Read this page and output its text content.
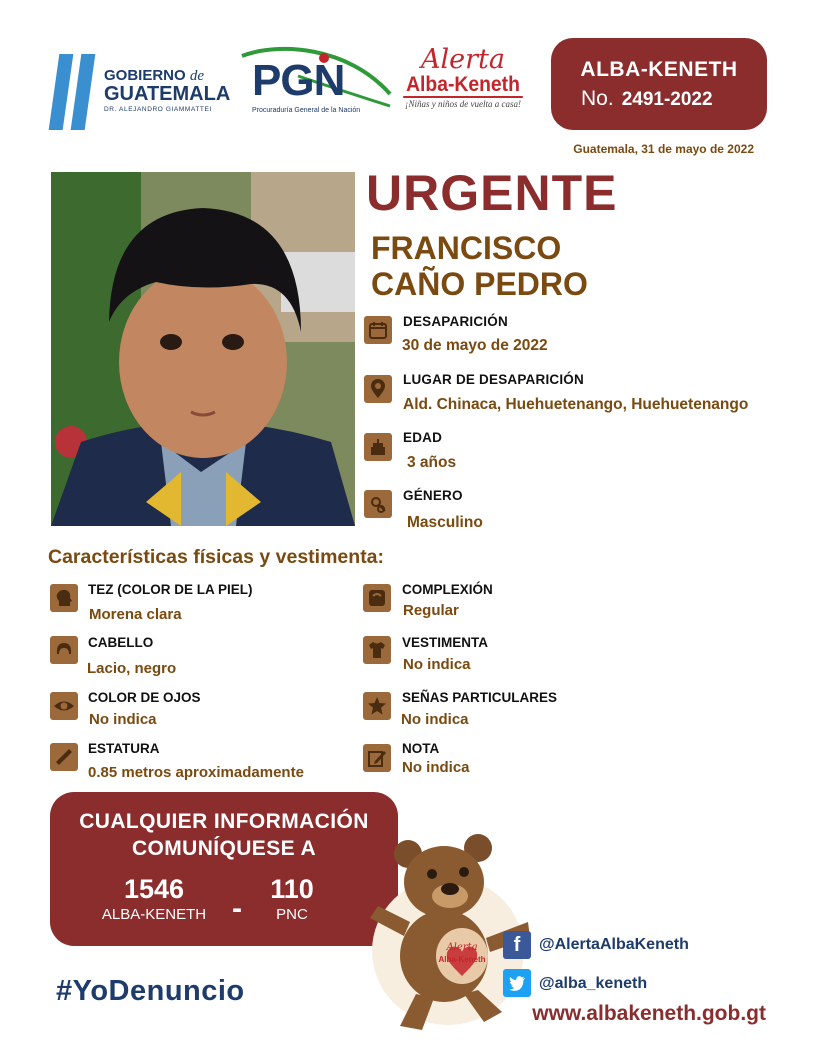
GOBIERNO de
GUATEMALA
DR. ALEJANDRO GIAMMATTEI
PGN
Procuraduría General de la Nación
Alerta
Alba-Keneth
¡Niñas y niños de vuelta a casa!
ALBA-KENETH
No. 2491-2022
Guatemala, 31 de mayo de 2022
URGENTE
FRANCISCO
CAÑO PEDRO
DESAPARICIÓN
30 de mayo de 2022
LUGAR DE DESAPARICIÓN
Ald. Chinaca, Huehuetenango, Huehuetenango
EDAD
3 años
GÉNERO
Masculino
Características físicas y vestimenta:
TEZ (COLOR DE LA PIEL)
Morena clara
CABELLO
Lacio, negro
COLOR DE OJOS
No indica
ESTATURA
0.85 metros aproximadamente
COMPLEXIÓN
Regular
VESTIMENTA
No indica
SEÑAS PARTICULARES
No indica
NOTA
No indica
CUALQUIER INFORMACIÓN
COMUNÍQUESE A
1546
ALBA-KENETH -
110
PNC
#YoDenuncio
Alerta
Alba-Keneth
f	@AlertaAlbaKeneth
@alba_keneth
www.albakeneth.gob.gt
